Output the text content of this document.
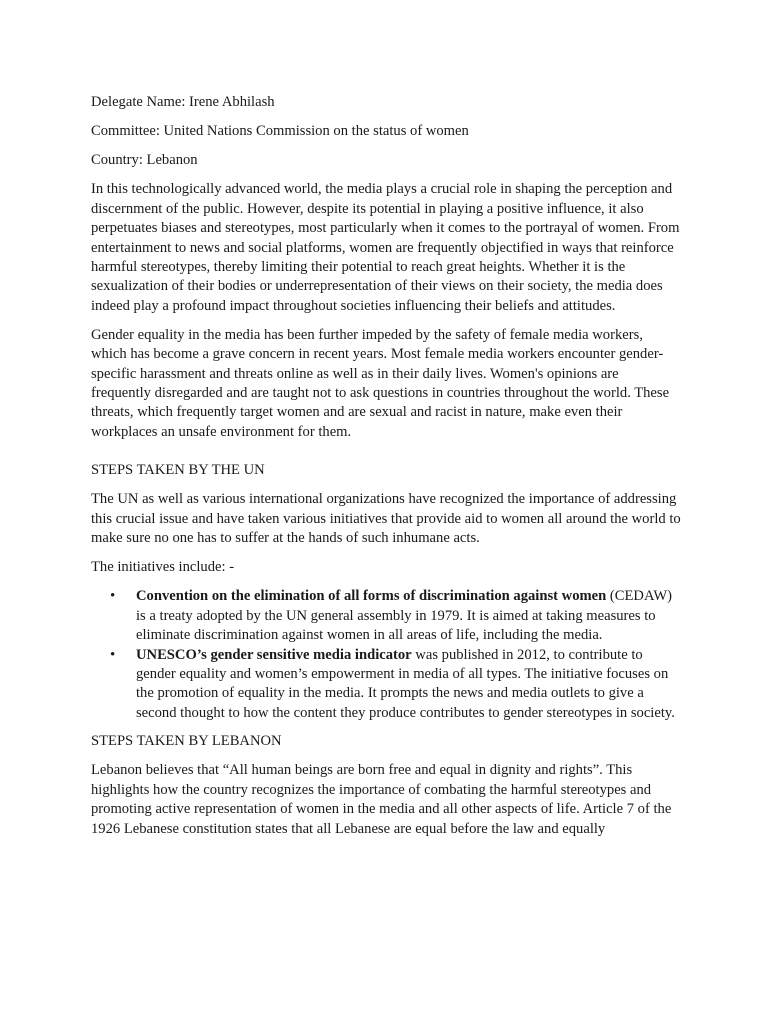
Delegate Name: Irene Abhilash

Committee: United Nations Commission on the status of women

Country: Lebanon

In this technologically advanced world, the media plays a crucial role in shaping the perception and discernment of the public. However, despite its potential in playing a positive influence, it also perpetuates biases and stereotypes, most particularly when it comes to the portrayal of women. From entertainment to news and social platforms, women are frequently objectified in ways that reinforce harmful stereotypes, thereby limiting their potential to reach great heights. Whether it is the sexualization of their bodies or underrepresentation of their views on their society, the media does indeed play a profound impact throughout societies influencing their beliefs and attitudes.

Gender equality in the media has been further impeded by the safety of female media workers, which has become a grave concern in recent years. Most female media workers encounter gender-specific harassment and threats online as well as in their daily lives. Women's opinions are frequently disregarded and are taught not to ask questions in countries throughout the world. These threats, which frequently target women and are sexual and racist in nature, make even their workplaces an unsafe environment for them.

STEPS TAKEN BY THE UN

The UN as well as various international organizations have recognized the importance of addressing this crucial issue and have taken various initiatives that provide aid to women all around the world to make sure no one has to suffer at the hands of such inhumane acts.

The initiatives include: -

• Convention on the elimination of all forms of discrimination against women (CEDAW) is a treaty adopted by the UN general assembly in 1979. It is aimed at taking measures to eliminate discrimination against women in all areas of life, including the media.
• UNESCO’s gender sensitive media indicator was published in 2012, to contribute to gender equality and women’s empowerment in media of all types. The initiative focuses on the promotion of equality in the media. It prompts the news and media outlets to give a second thought to how the content they produce contributes to gender stereotypes in society.

STEPS TAKEN BY LEBANON

Lebanon believes that “All human beings are born free and equal in dignity and rights”. This highlights how the country recognizes the importance of combating the harmful stereotypes and promoting active representation of women in the media and all other aspects of life. Article 7 of the 1926 Lebanese constitution states that all Lebanese are equal before the law and equally
